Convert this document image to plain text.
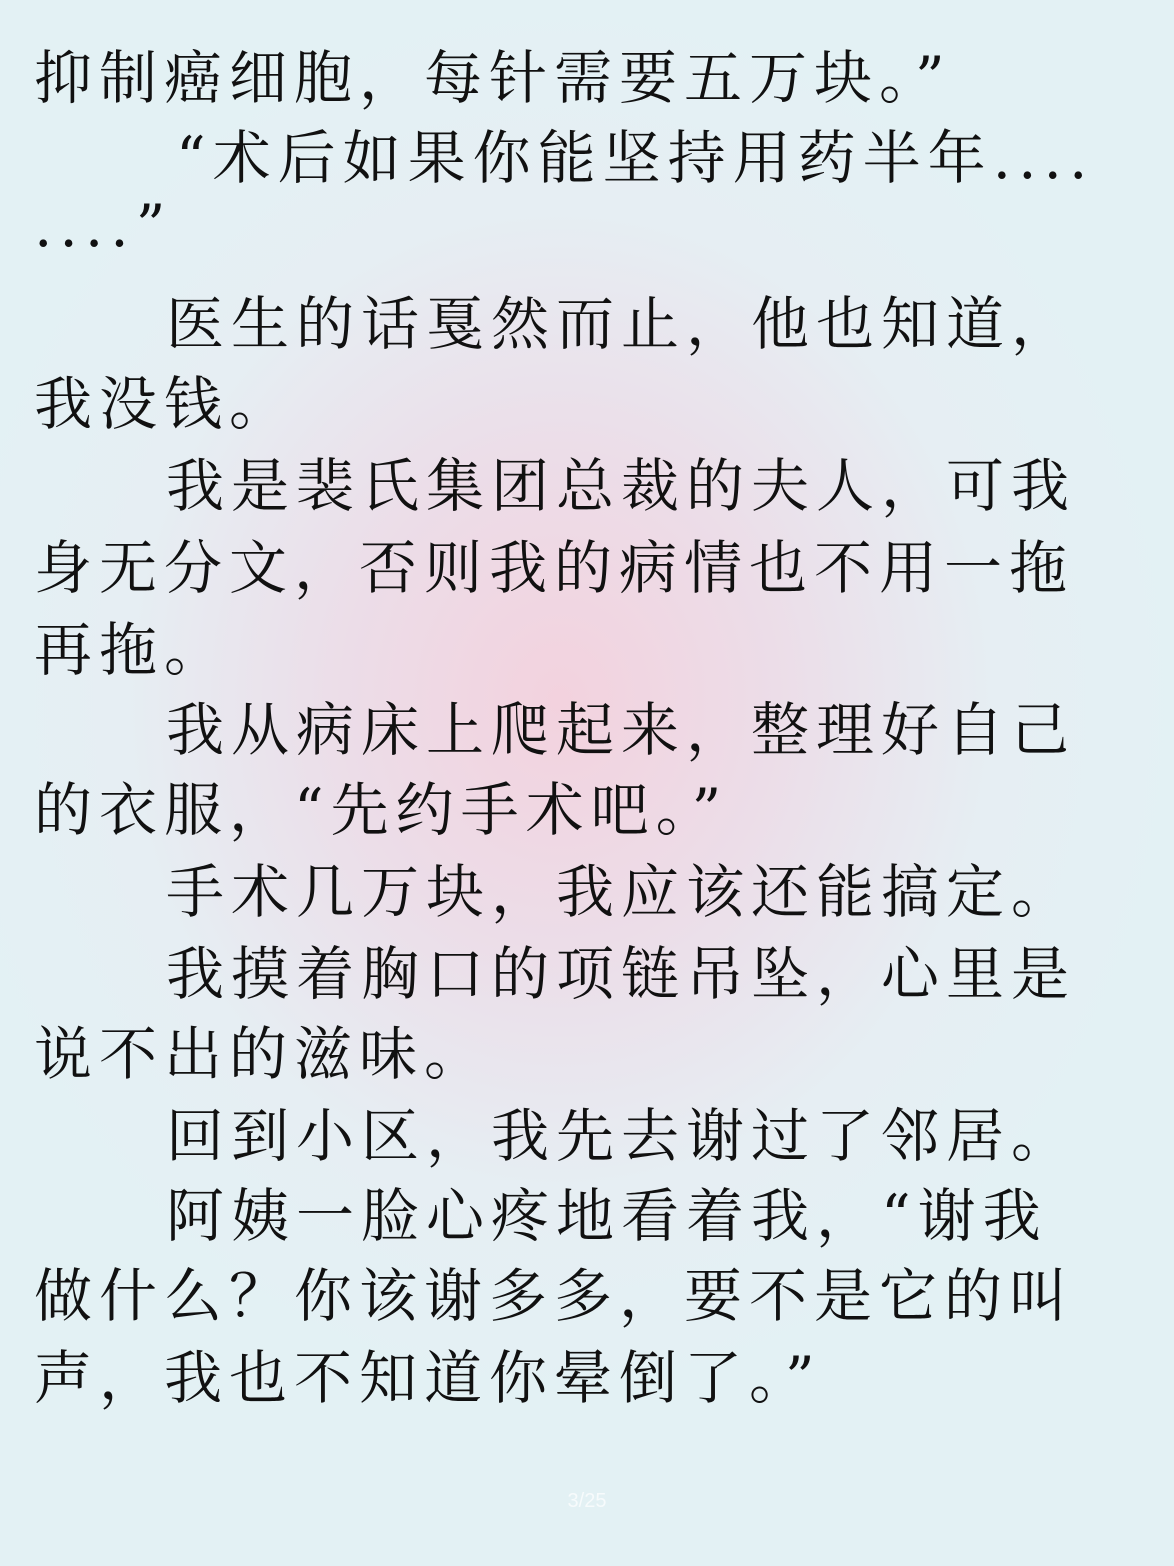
抑制癌细胞，每针需要五万块。”
“术后如果你能坚持用药半年....
....”
医生的话戛然而止，他也知道，
我没钱。
我是裴氏集团总裁的夫人，可我
身无分文，否则我的病情也不用一拖
再拖。
我从病床上爬起来，整理好自己
的衣服，“先约手术吧。”
手术几万块，我应该还能搞定。
我摸着胸口的项链吊坠，心里是
说不出的滋味。
回到小区，我先去谢过了邻居。
阿姨一脸心疼地看着我，“谢我
做什么？你该谢多多，要不是它的叫
声，我也不知道你晕倒了。”
3/25
